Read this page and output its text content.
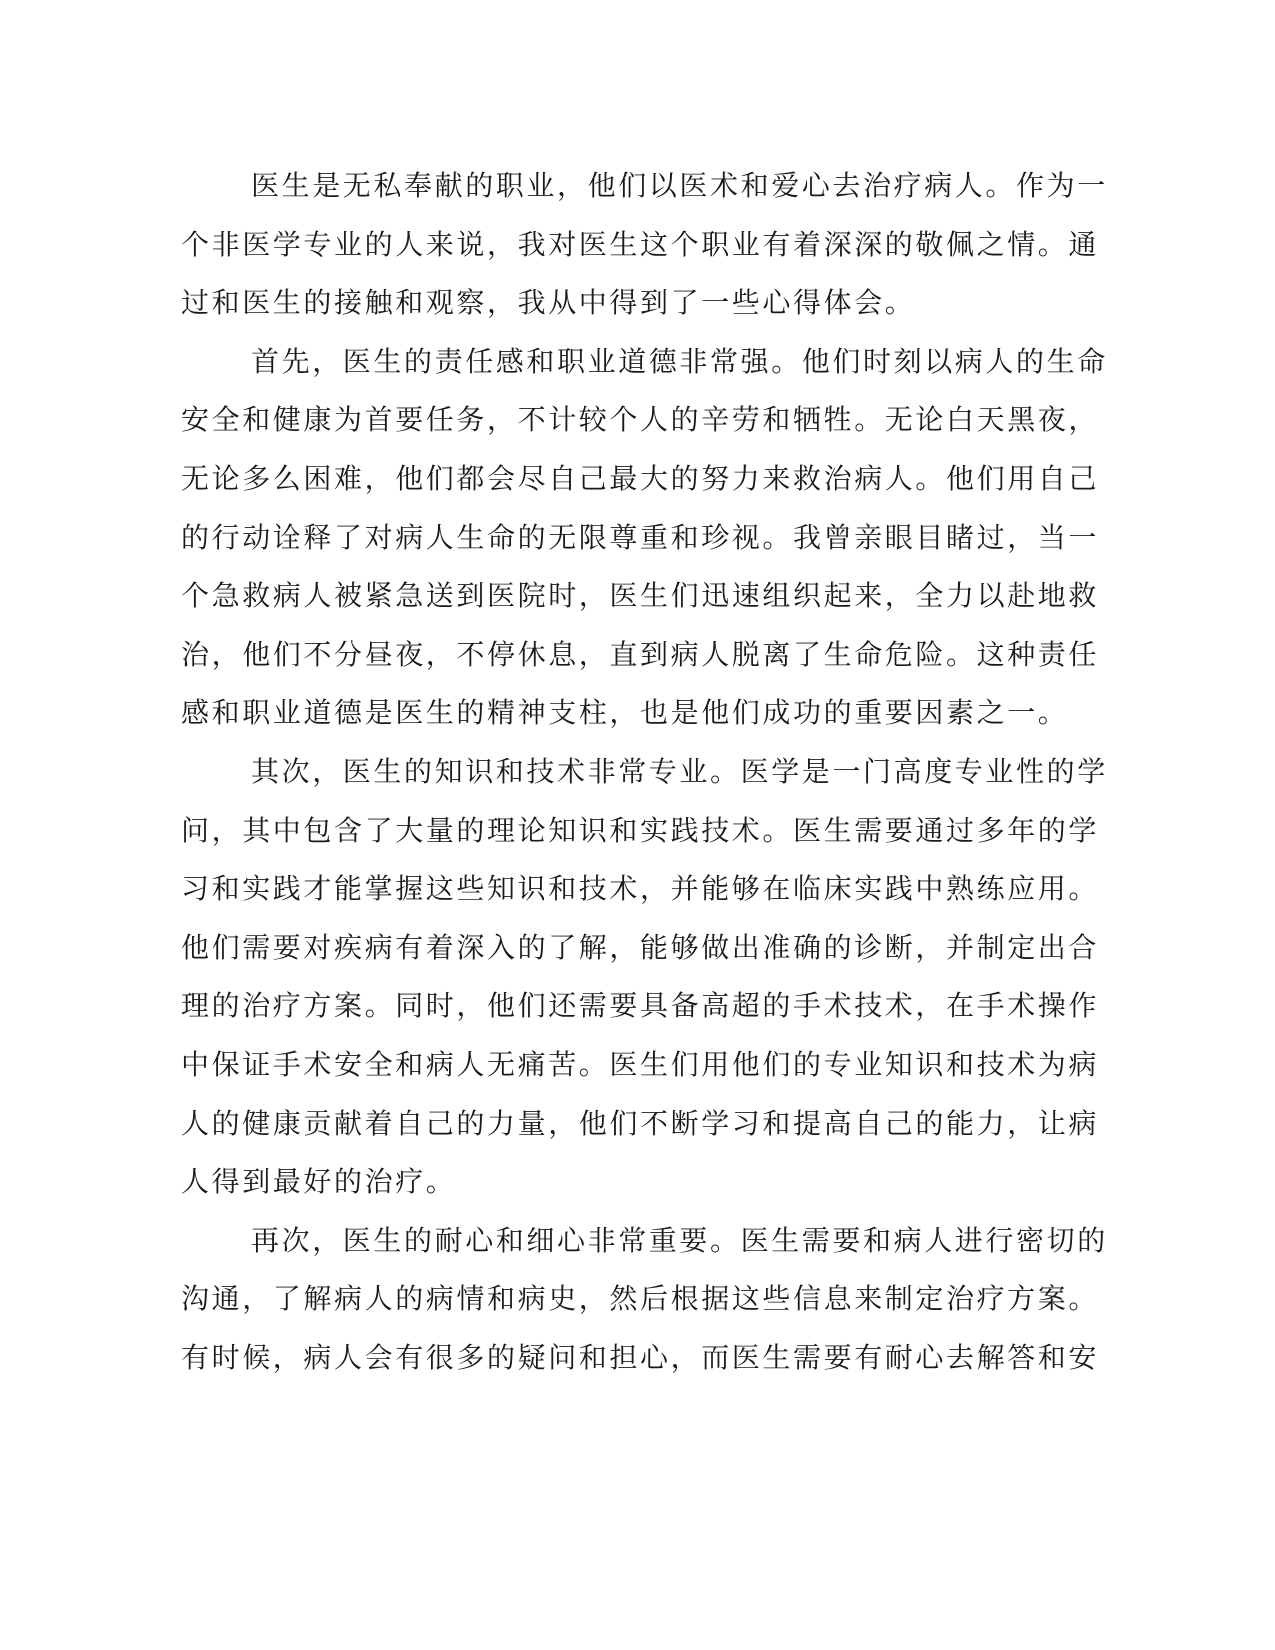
医生是无私奉献的职业，他们以医术和爱心去治疗病人。作为一
个非医学专业的人来说，我对医生这个职业有着深深的敬佩之情。通
过和医生的接触和观察，我从中得到了一些心得体会。
首先，医生的责任感和职业道德非常强。他们时刻以病人的生命
安全和健康为首要任务，不计较个人的辛劳和牺牲。无论白天黑夜，
无论多么困难，他们都会尽自己最大的努力来救治病人。他们用自己
的行动诠释了对病人生命的无限尊重和珍视。我曾亲眼目睹过，当一
个急救病人被紧急送到医院时，医生们迅速组织起来，全力以赴地救
治，他们不分昼夜，不停休息，直到病人脱离了生命危险。这种责任
感和职业道德是医生的精神支柱，也是他们成功的重要因素之一。
其次，医生的知识和技术非常专业。医学是一门高度专业性的学
问，其中包含了大量的理论知识和实践技术。医生需要通过多年的学
习和实践才能掌握这些知识和技术，并能够在临床实践中熟练应用。
他们需要对疾病有着深入的了解，能够做出准确的诊断，并制定出合
理的治疗方案。同时，他们还需要具备高超的手术技术，在手术操作
中保证手术安全和病人无痛苦。医生们用他们的专业知识和技术为病
人的健康贡献着自己的力量，他们不断学习和提高自己的能力，让病
人得到最好的治疗。
再次，医生的耐心和细心非常重要。医生需要和病人进行密切的
沟通，了解病人的病情和病史，然后根据这些信息来制定治疗方案。
有时候，病人会有很多的疑问和担心，而医生需要有耐心去解答和安
